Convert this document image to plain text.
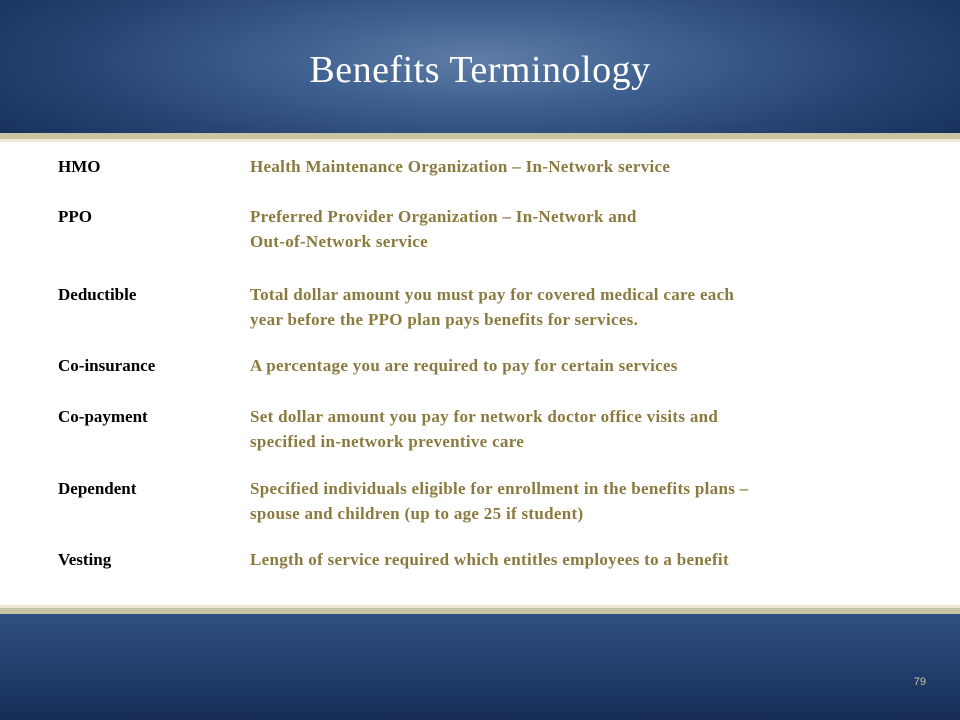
Benefits Terminology
HMO	Health Maintenance Organization – In-Network service
PPO	Preferred Provider Organization – In-Network and
Out-of-Network service
Deductible	Total dollar amount you must pay for covered medical care each
year before the PPO plan pays benefits for services.
Co-insurance	A percentage you are required to pay for certain services
Co-payment	Set dollar amount you pay for network doctor office visits and
specified in-network preventive care
Dependent	Specified individuals eligible for enrollment in the benefits plans –
spouse and children (up to age 25 if student)
Vesting	Length of service required which entitles employees to a benefit
79
